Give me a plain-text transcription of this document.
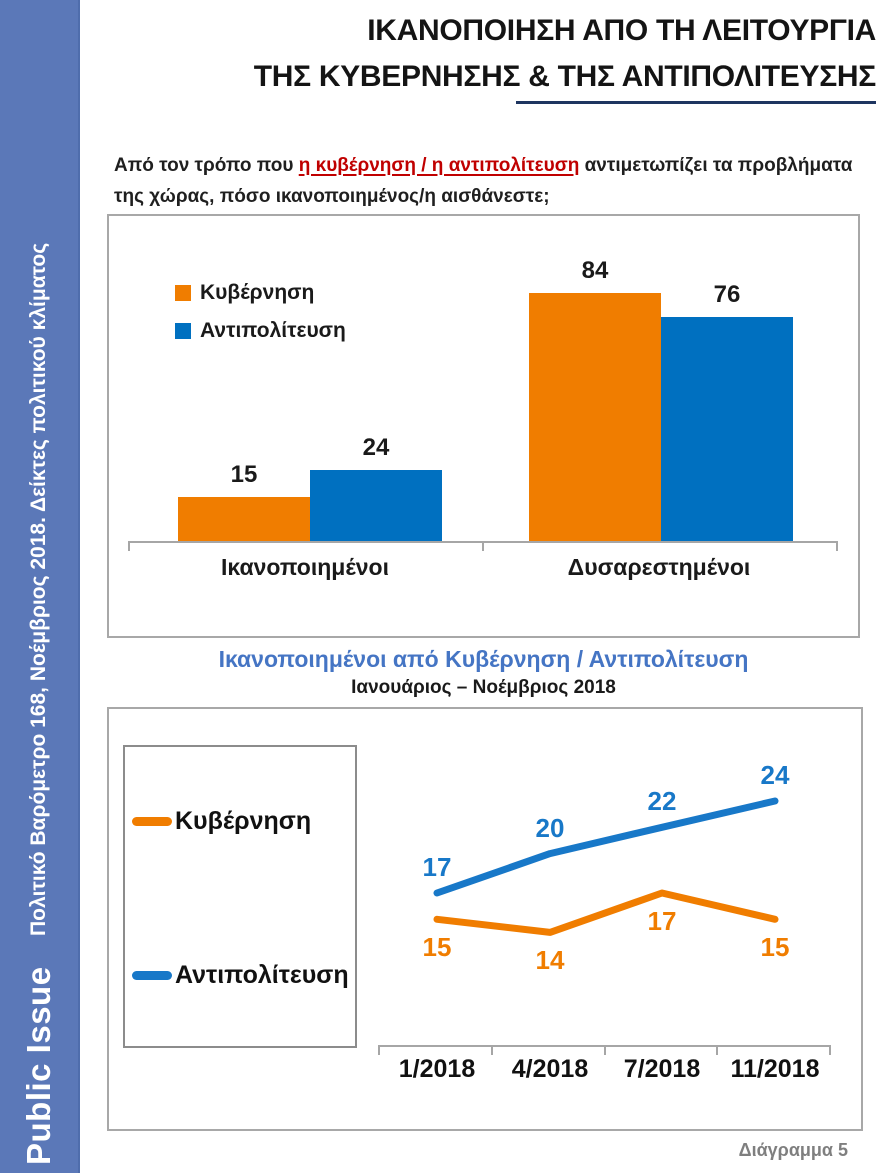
Public Issue
Πολιτικό Βαρόμετρο 168, Νοέμβριος 2018. Δείκτες πολιτικού κλίματος
ΙΚΑΝΟΠΟΙΗΣΗ ΑΠΟ ΤΗ ΛΕΙΤΟΥΡΓΙΑ
ΤΗΣ ΚΥΒΕΡΝΗΣΗΣ & ΤΗΣ ΑΝΤΙΠΟΛΙΤΕΥΣΗΣ

Από τον τρόπο που η κυβέρνηση / η αντιπολίτευση αντιμετωπίζει τα προβλήματα της χώρας, πόσο ικανοποιημένος/η αισθάνεστε;

Κυβέρνηση
Αντιπολίτευση
15
24
Ικανοποιημένοι
84
76
Δυσαρεστημένοι
Ικανοποιημένοι από Κυβέρνηση / Αντιπολίτευση
Ιανουάριος – Νοέμβριος 2018
Κυβέρνηση
Αντιπολίτευση
1/2018	4/2018	7/2018	11/2018
15	14
17
15
17
20
22
24
Διάγραμμα 5
